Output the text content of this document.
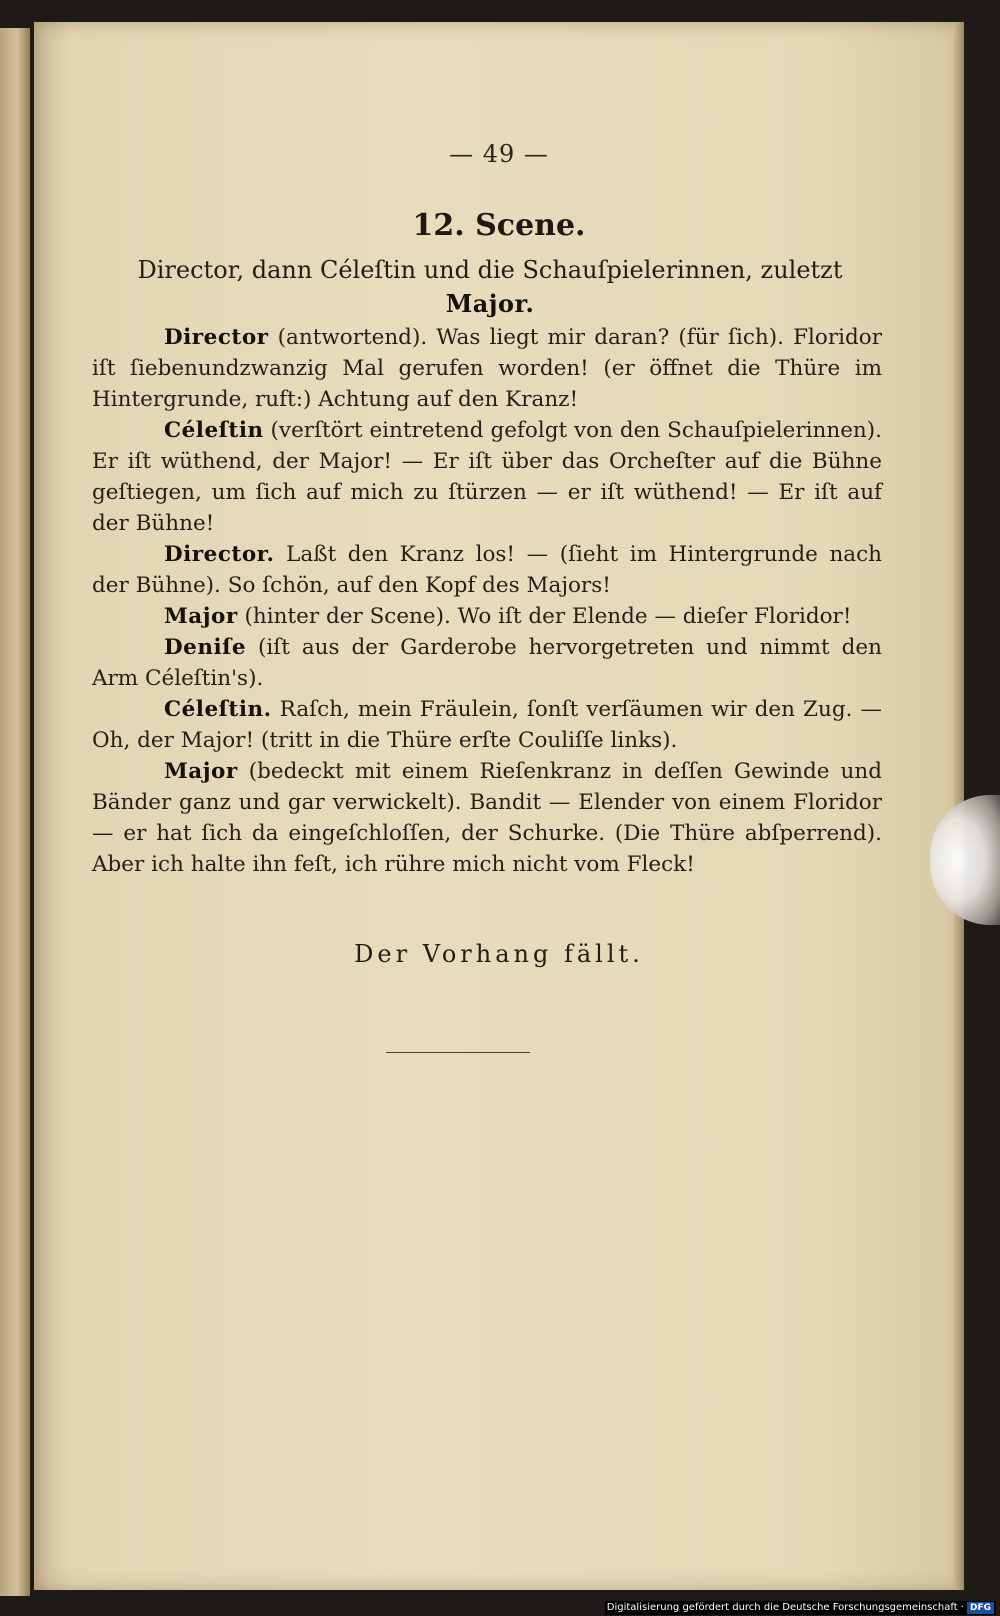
— 49 —
12. Scene.
Director, dann Céleſtin und die Schauſpielerinnen, zuletzt
Major.

Director (antwortend). Was liegt mir daran? (für ſich). Floridor iſt ſiebenundzwanzig Mal gerufen worden! (er öffnet die Thüre im Hintergrunde, ruft:) Achtung auf den Kranz!

Céleſtin (verſtört eintretend gefolgt von den Schauſpielerinnen). Er iſt wüthend, der Major! — Er iſt über das Orcheſter auf die Bühne geſtiegen, um ſich auf mich zu ſtürzen — er iſt wüthend! — Er iſt auf der Bühne!

Director. Laßt den Kranz los! — (ſieht im Hintergrunde nach der Bühne). So ſchön, auf den Kopf des Majors!

Major (hinter der Scene). Wo iſt der Elende — dieſer Floridor!

Deniſe (iſt aus der Garderobe hervorgetreten und nimmt den Arm Céleſtin's).

Céleſtin. Raſch, mein Fräulein, ſonſt verſäumen wir den Zug. — Oh, der Major! (tritt in die Thüre erſte Couliſſe links).

Major (bedeckt mit einem Rieſenkranz in deſſen Gewinde und Bänder ganz und gar verwickelt). Bandit — Elender von einem Floridor — er hat ſich da eingeſchloſſen, der Schurke. (Die Thüre abſperrend). Aber ich halte ihn feſt, ich rühre mich nicht vom Fleck!

Der Vorhang fällt.
Digitalisierung gefördert durch die Deutsche Forschungsgemeinschaft · DFG
